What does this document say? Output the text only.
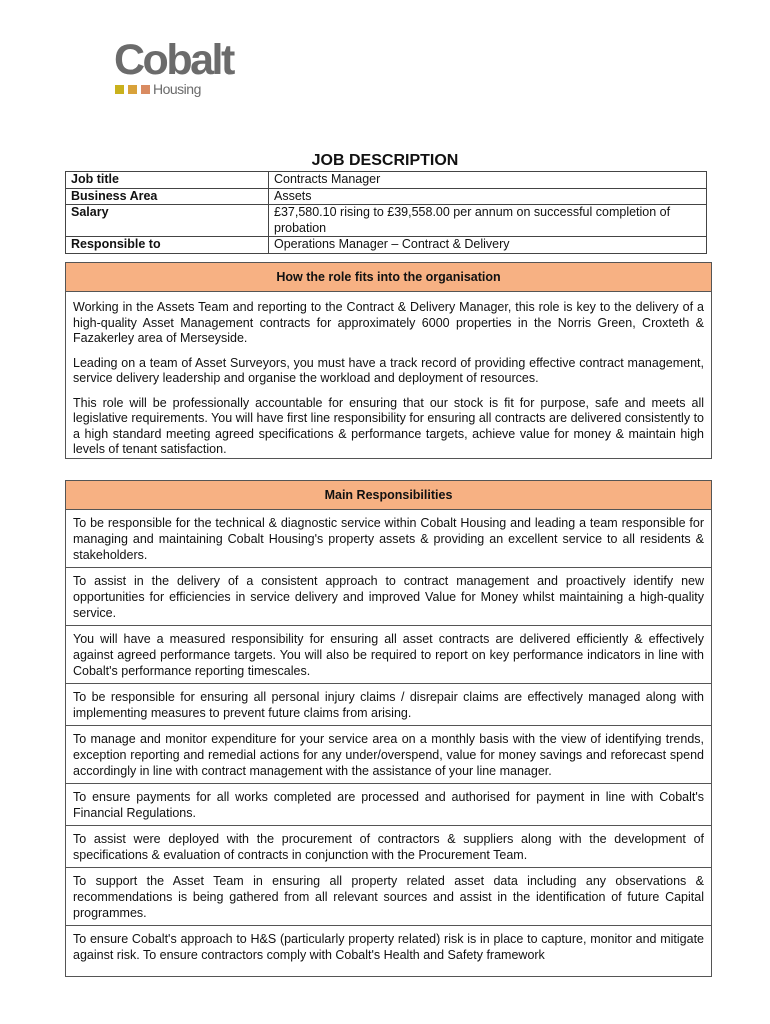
Cobalt
Housing
JOB DESCRIPTION
Job title	Contracts Manager
Business Area	Assets
Salary	£37,580.10 rising to £39,558.00 per annum on successful completion of probation
Responsible to	Operations Manager – Contract & Delivery
How the role fits into the organisation
Working in the Assets Team and reporting to the Contract & Delivery Manager, this role is key to the delivery of a high-quality Asset Management contracts for approximately 6000 properties in the Norris Green, Croxteth & Fazakerley area of Merseyside.
Leading on a team of Asset Surveyors, you must have a track record of providing effective contract management, service delivery leadership and organise the workload and deployment of resources.
This role will be professionally accountable for ensuring that our stock is fit for purpose, safe and meets all legislative requirements. You will have first line responsibility for ensuring all contracts are delivered consistently to a high standard meeting agreed specifications & performance targets, achieve value for money & maintain high levels of tenant satisfaction.
Main Responsibilities
To be responsible for the technical & diagnostic service within Cobalt Housing and leading a team responsible for managing and maintaining Cobalt Housing's property assets & providing an excellent service to all residents & stakeholders.
To assist in the delivery of a consistent approach to contract management and proactively identify new opportunities for efficiencies in service delivery and improved Value for Money whilst maintaining a high-quality service.
You will have a measured responsibility for ensuring all asset contracts are delivered efficiently & effectively against agreed performance targets. You will also be required to report on key performance indicators in line with Cobalt's performance reporting timescales.
To be responsible for ensuring all personal injury claims / disrepair claims are effectively managed along with implementing measures to prevent future claims from arising.
To manage and monitor expenditure for your service area on a monthly basis with the view of identifying trends, exception reporting and remedial actions for any under/overspend, value for money savings and reforecast spend accordingly in line with contract management with the assistance of your line manager.
To ensure payments for all works completed are processed and authorised for payment in line with Cobalt's Financial Regulations.
To assist were deployed with the procurement of contractors & suppliers along with the development of specifications & evaluation of contracts in conjunction with the Procurement Team.
To support the Asset Team in ensuring all property related asset data including any observations & recommendations is being gathered from all relevant sources and assist in the identification of future Capital programmes.
To ensure Cobalt's approach to H&S (particularly property related) risk is in place to capture, monitor and mitigate against risk. To ensure contractors comply with Cobalt's Health and Safety framework
